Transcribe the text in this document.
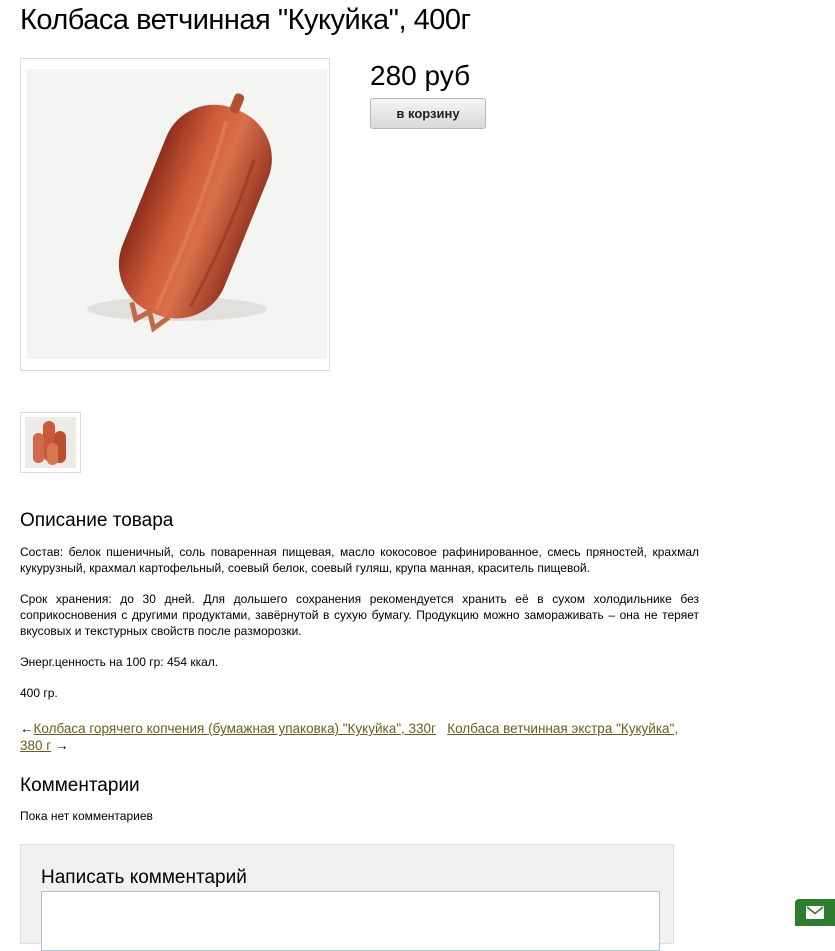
Колбаса ветчинная "Кукуйка", 400г
280 руб
в корзину
Описание товара

Состав: белок пшеничный, соль поваренная пищевая, масло кокосовое рафинированное, смесь пряностей, крахмал кукурузный, крахмал картофельный, соевый белок, соевый гуляш, крупа манная, краситель пищевой.

Срок хранения: до 30 дней. Для дольшего сохранения рекомендуется хранить её в сухом холодильнике без соприкосновения с другими продуктами, завёрнутой в сухую бумагу. Продукцию можно замораживать – она не теряет вкусовых и текстурных свойств после разморозки.

Энерг.ценность на 100 гр: 454 ккал.

400 гр.

←Колбаса горячего копчения (бумажная упаковка) "Кукуйка", 330г Колбаса ветчинная экстра "Кукуйка", 380 г →
Комментарии
Пока нет комментариев
Написать комментарий
